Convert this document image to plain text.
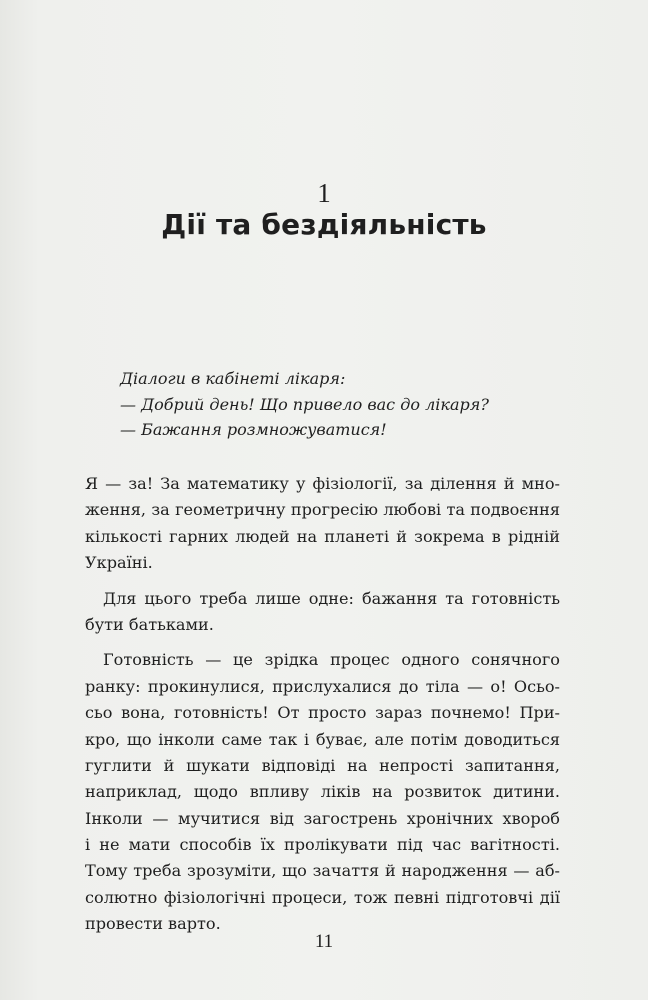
1
Дії та бездіяльність

Діалоги в кабінеті лікаря:

— Добрий день! Що привело вас до лікаря?

— Бажання розмножуватися!

Я — за! За математику у фізіології, за ділення й мно-
ження, за геометричну прогресію любові та подвоєння
кількості гарних людей на планеті й зокрема в рідній
Україні.
Для цього треба лише одне: бажання та готовність
бути батьками.
Готовність — це зрідка процес одного сонячного
ранку: прокинулися, прислухалися до тіла — о! Осьо-
сьо вона, готовність! От просто зараз почнемо! При-
кро, що інколи саме так і буває, але потім доводиться
гуглити й шукати відповіді на непрості запитання,
наприклад, щодо впливу ліків на розвиток дитини.
Інколи — мучитися від загострень хронічних хвороб
і не мати способів їх пролікувати під час вагітності.
Тому треба зрозуміти, що зачаття й народження — аб-
солютно фізіологічні процеси, тож певні підготовчі дії
провести варто.
11
